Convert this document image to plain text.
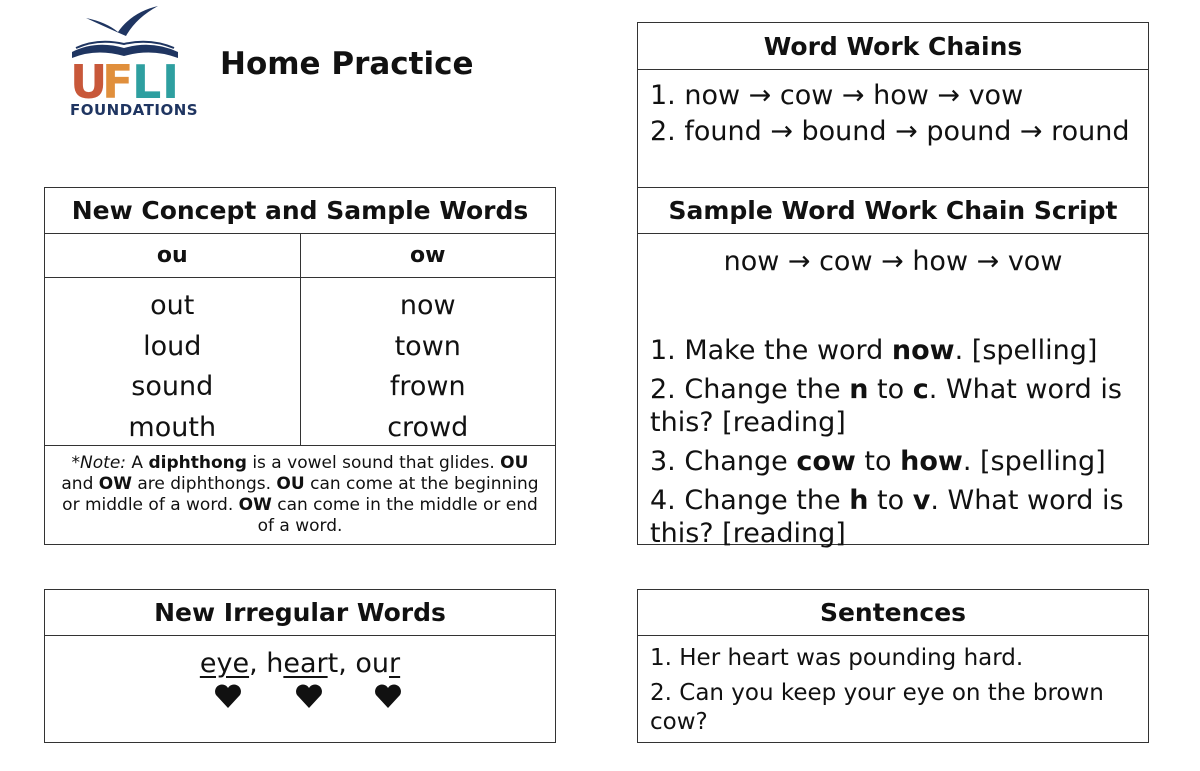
U
F
L I
FOUNDATIONS
Home Practice
New Concept and Sample Words
ou	ow
out
loud
sound
mouth
now
town
frown
crowd
*Note: A diphthong is a vowel sound that glides. OU and OW are diphthongs. OU can come at the beginning or middle of a word. OW can come in the middle or end of a word.
New Irregular Words
eye, heart, our
Word Work Chains
1. now → cow → how → vow
2. found → bound → pound → round
Sample Word Work Chain Script
now → cow → how → vow
1. Make the word now. [spelling]
2. Change the n to c. What word is this? [reading]
3. Change cow to how. [spelling]
4. Change the h to v. What word is this? [reading]
Sentences
1. Her heart was pounding hard.
2. Can you keep your eye on the brown cow?
